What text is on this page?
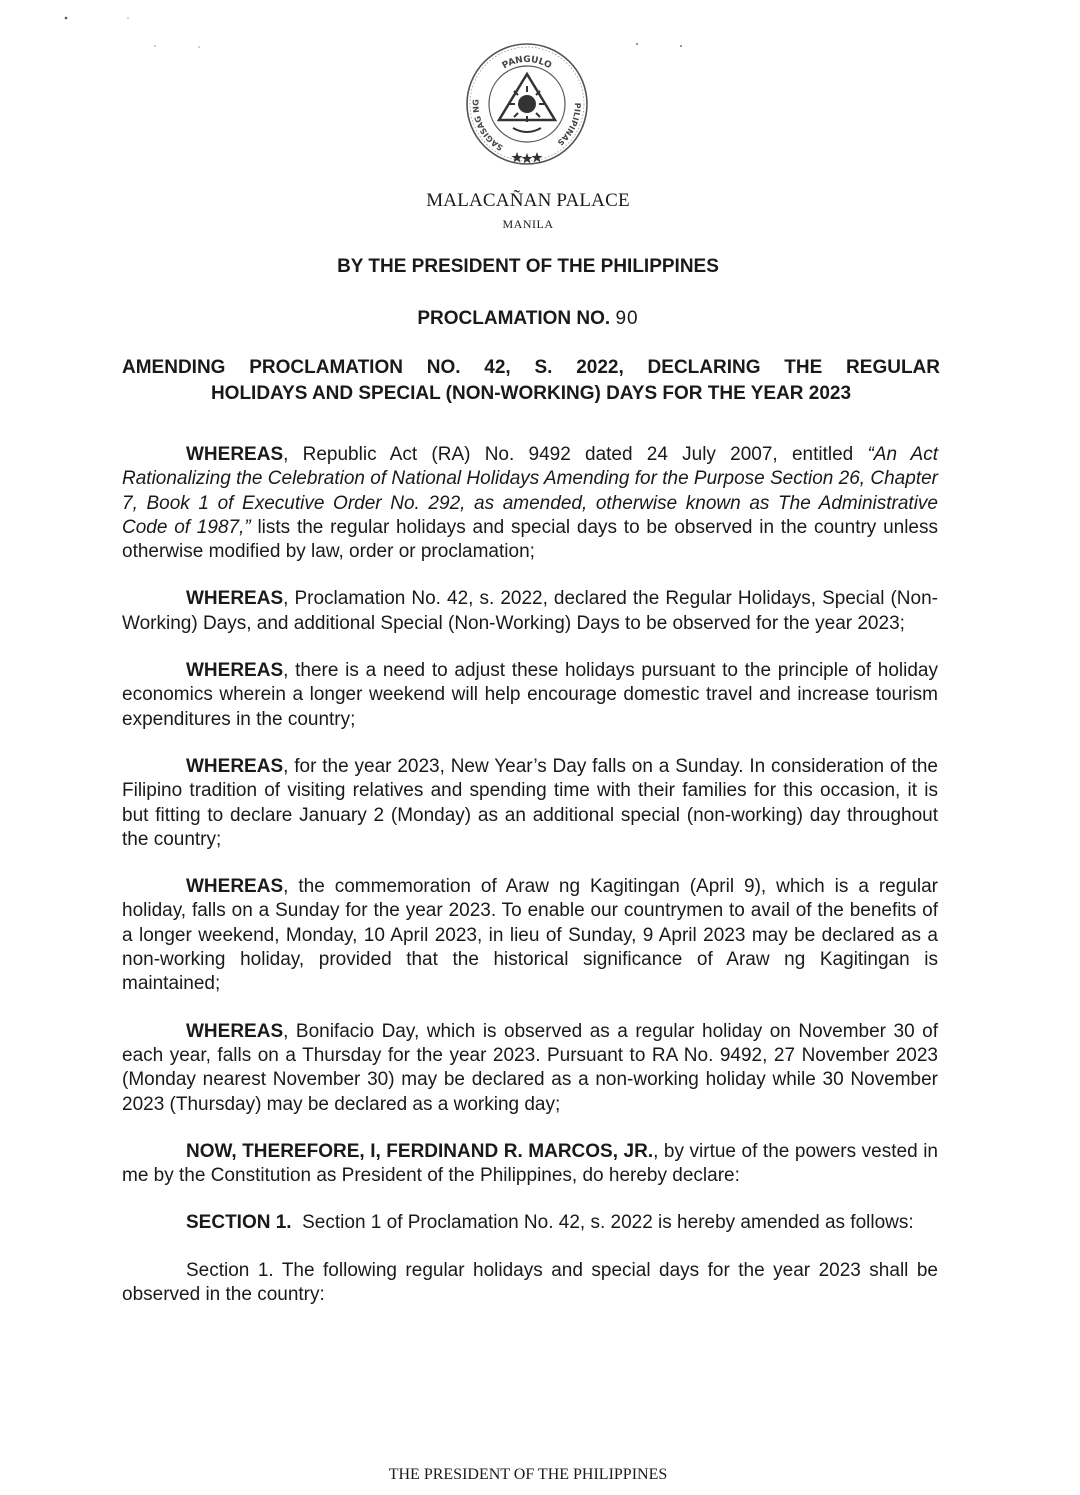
PANGULO
SAGISAG NG	PILIPINAS
MALACAÑAN PALACE
MANILA
BY THE PRESIDENT OF THE PHILIPPINES
PROCLAMATION NO. 90
AMENDING PROCLAMATION NO. 42, S. 2022, DECLARING THE REGULAR
HOLIDAYS AND SPECIAL (NON-WORKING) DAYS FOR THE YEAR 2023

WHEREAS, Republic Act (RA) No. 9492 dated 24 July 2007, entitled “An Act Rationalizing the Celebration of National Holidays Amending for the Purpose Section 26, Chapter 7, Book 1 of Executive Order No. 292, as amended, otherwise known as The Administrative Code of 1987,” lists the regular holidays and special days to be observed in the country unless otherwise modified by law, order or proclamation;

WHEREAS, Proclamation No. 42, s. 2022, declared the Regular Holidays, Special (Non-Working) Days, and additional Special (Non-Working) Days to be observed for the year 2023;

WHEREAS, there is a need to adjust these holidays pursuant to the principle of holiday economics wherein a longer weekend will help encourage domestic travel and increase tourism expenditures in the country;

WHEREAS, for the year 2023, New Year’s Day falls on a Sunday. In consideration of the Filipino tradition of visiting relatives and spending time with their families for this occasion, it is but fitting to declare January 2 (Monday) as an additional special (non-working) day throughout the country;

WHEREAS, the commemoration of Araw ng Kagitingan (April 9), which is a regular holiday, falls on a Sunday for the year 2023. To enable our countrymen to avail of the benefits of a longer weekend, Monday, 10 April 2023, in lieu of Sunday, 9 April 2023 may be declared as a non-working holiday, provided that the historical significance of Araw ng Kagitingan is maintained;

WHEREAS, Bonifacio Day, which is observed as a regular holiday on November 30 of each year, falls on a Thursday for the year 2023. Pursuant to RA No. 9492, 27 November 2023 (Monday nearest November 30) may be declared as a non-working holiday while 30 November 2023 (Thursday) may be declared as a working day;

NOW, THEREFORE, I, FERDINAND R. MARCOS, JR., by virtue of the powers vested in me by the Constitution as President of the Philippines, do hereby declare:

SECTION 1.  Section 1 of Proclamation No. 42, s. 2022 is hereby amended as follows:

Section 1. The following regular holidays and special days for the year 2023 shall be observed in the country:

THE PRESIDENT OF THE PHILIPPINES
